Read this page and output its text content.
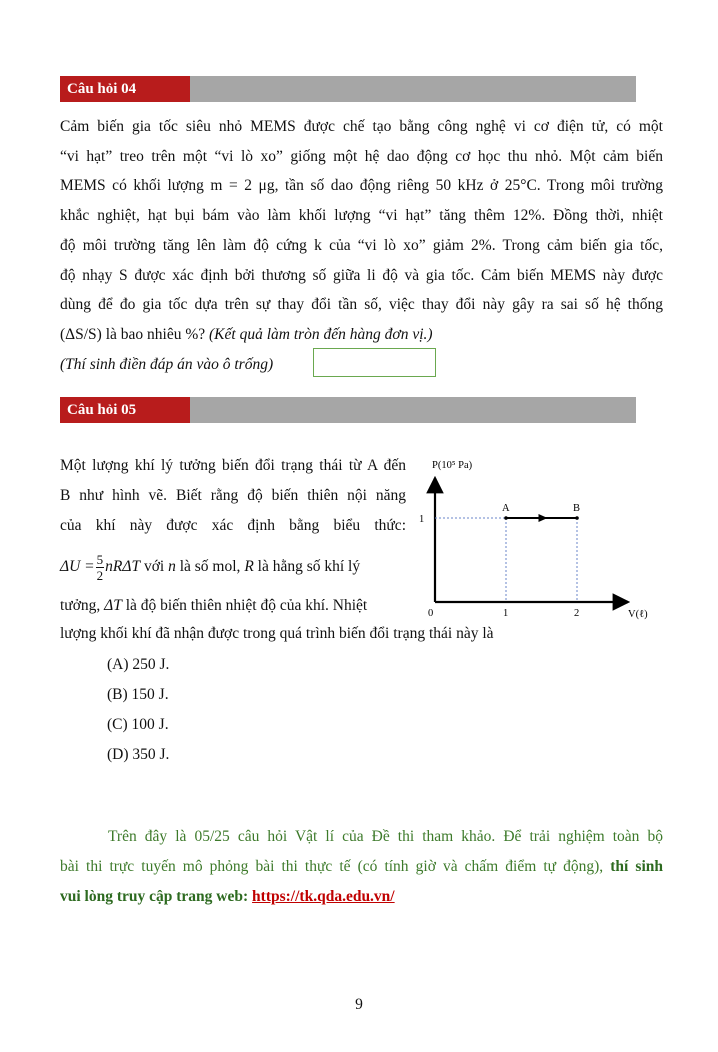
Câu hỏi 04
Cảm biến gia tốc siêu nhỏ MEMS được chế tạo bằng công nghệ vi cơ điện tử, có một
“vi hạt” treo trên một “vi lò xo” giống một hệ dao động cơ học thu nhỏ. Một cảm biến
MEMS có khối lượng m = 2 μg, tần số dao động riêng 50 kHz ở 25°C. Trong môi trường
khắc nghiệt, hạt bụi bám vào làm khối lượng “vi hạt” tăng thêm 12%. Đồng thời, nhiệt
độ môi trường tăng lên làm độ cứng k của “vi lò xo” giảm 2%. Trong cảm biến gia tốc,
độ nhạy S được xác định bởi thương số giữa li độ và gia tốc. Cảm biến MEMS này được
dùng để đo gia tốc dựa trên sự thay đổi tần số, việc thay đổi này gây ra sai số hệ thống
(ΔS/S) là bao nhiêu %? (Kết quả làm tròn đến hàng đơn vị.)
(Thí sinh điền đáp án vào ô trống)
Câu hỏi 05
Một lượng khí lý tưởng biến đổi trạng thái từ A đến
B như hình vẽ. Biết rằng độ biến thiên nội năng
của khí này được xác định bằng biểu thức:
$\Delta U = \frac{5}{2}$ nRΔT với n là số mol, R là hằng số khí lý
tưởng, ΔT là độ biến thiên nhiệt độ của khí. Nhiệt
lượng khối khí đã nhận được trong quá trình biến đổi trạng thái này là
P(10⁵ Pa)
V(ℓ)
0
A	B
1	2
1
(A) 250 J.
(B) 150 J.
(C) 100 J.
(D) 350 J.
Trên đây là 05/25 câu hỏi Vật lí của Đề thi tham khảo. Để trải nghiệm toàn bộ
bài thi trực tuyến mô phỏng bài thi thực tế (có tính giờ và chấm điểm tự động), thí sinh
vui lòng truy cập trang web: https://tk.qda.edu.vn/
9
